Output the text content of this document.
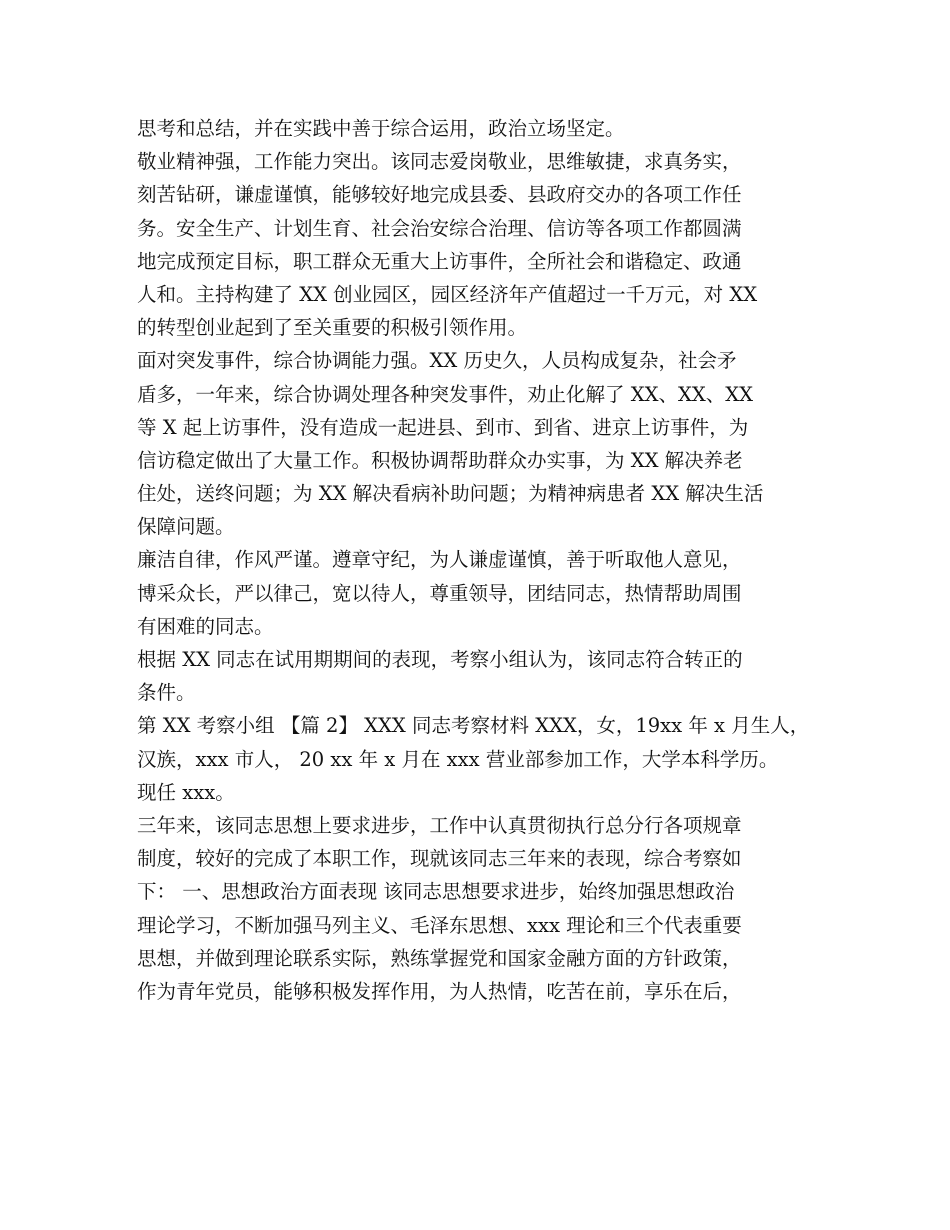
思考和总结，并在实践中善于综合运用，政治立场坚定。
敬业精神强，工作能力突出。该同志爱岗敬业，思维敏捷，求真务实，
刻苦钻研，谦虚谨慎，能够较好地完成县委、县政府交办的各项工作任
务。安全生产、计划生育、社会治安综合治理、信访等各项工作都圆满
地完成预定目标，职工群众无重大上访事件，全所社会和谐稳定、政通
人和。主持构建了 XX 创业园区，园区经济年产值超过一千万元，对 XX
的转型创业起到了至关重要的积极引领作用。
面对突发事件，综合协调能力强。XX 历史久，人员构成复杂，社会矛
盾多，一年来，综合协调处理各种突发事件，劝止化解了 XX、XX、XX
等 X 起上访事件，没有造成一起进县、到市、到省、进京上访事件，为
信访稳定做出了大量工作。积极协调帮助群众办实事，为 XX 解决养老
住处，送终问题；为 XX 解决看病补助问题；为精神病患者 XX 解决生活
保障问题。
廉洁自律，作风严谨。遵章守纪，为人谦虚谨慎，善于听取他人意见，
博采众长，严以律己，宽以待人，尊重领导，团结同志，热情帮助周围
有困难的同志。
根据 XX 同志在试用期期间的表现，考察小组认为，该同志符合转正的
条件。
第 XX 考察小组 【篇 2】 XXX 同志考察材料 XXX，女，19xx 年 x 月生人，
汉族，xxx 市人， 20 xx 年 x 月在 xxx 营业部参加工作，大学本科学历。
现任 xxx。
三年来，该同志思想上要求进步，工作中认真贯彻执行总分行各项规章
制度，较好的完成了本职工作，现就该同志三年来的表现，综合考察如
下： 一、思想政治方面表现 该同志思想要求进步，始终加强思想政治
理论学习，不断加强马列主义、毛泽东思想、xxx 理论和三个代表重要
思想，并做到理论联系实际，熟练掌握党和国家金融方面的方针政策，
作为青年党员，能够积极发挥作用，为人热情，吃苦在前，享乐在后，
